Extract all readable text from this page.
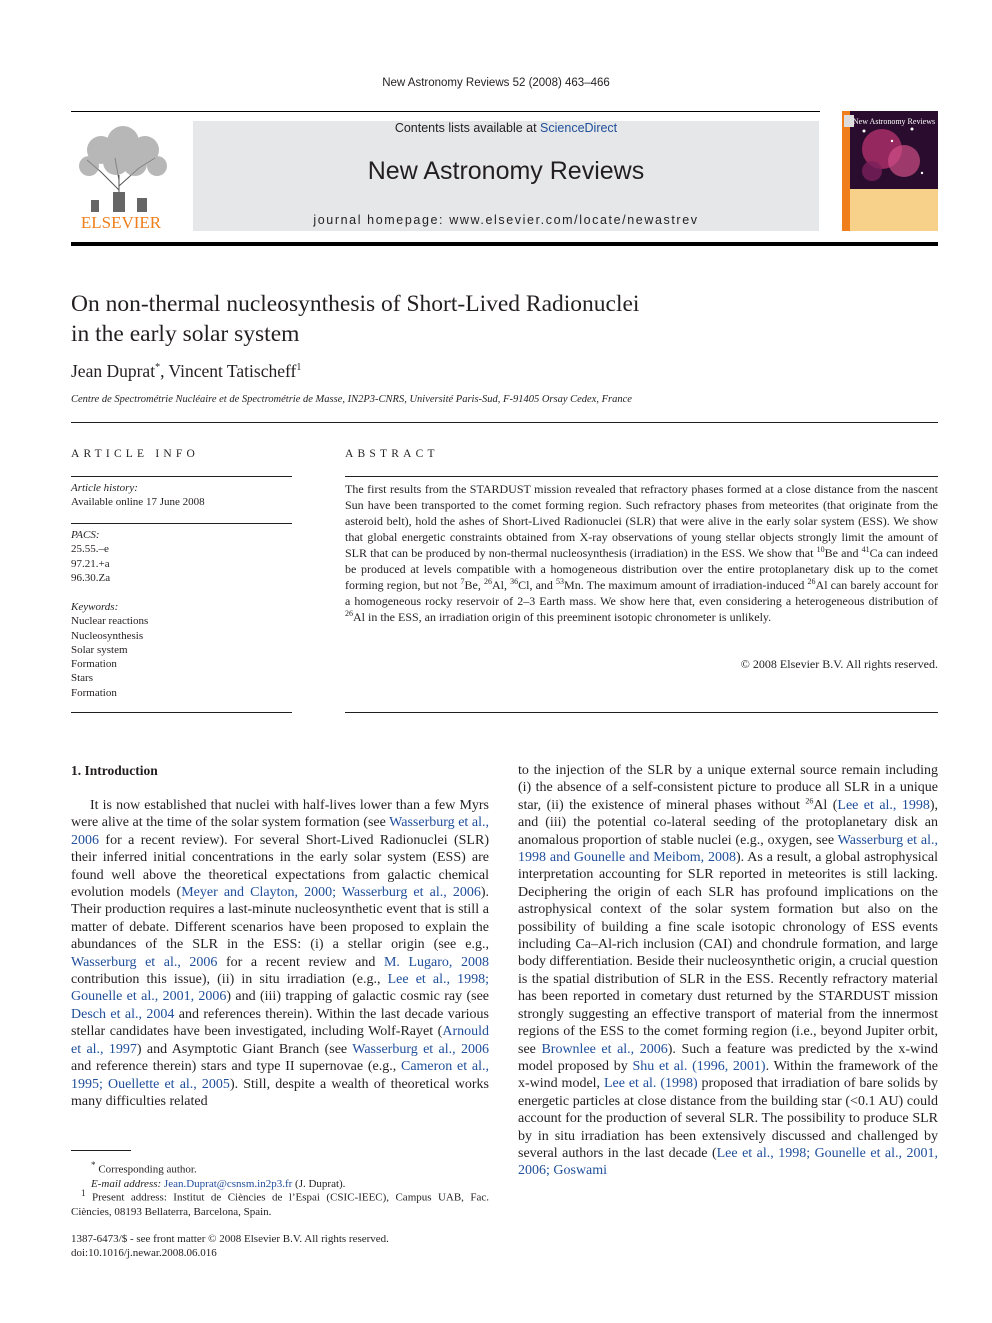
New Astronomy Reviews 52 (2008) 463–466
ELSEVIER
Contents lists available at ScienceDirect
New Astronomy Reviews
journal homepage: www.elsevier.com/locate/newastrev
New Astronomy Reviews
On non-thermal nucleosynthesis of Short-Lived Radionuclei
in the early solar system
Jean Duprat*, Vincent Tatischeff$^1$
Centre de Spectrométrie Nucléaire et de Spectrométrie de Masse, IN2P3-CNRS, Université Paris-Sud, F-91405 Orsay Cedex, France
ARTICLE INFO
Article history:
Available online 17 June 2008
PACS:
25.55.–e
97.21.+a
96.30.Za
Keywords:
Nuclear reactions
Nucleosynthesis
Solar system
Formation
Stars
Formation
ABSTRACT
The first results from the STARDUST mission revealed that refractory phases formed at a close distance from the nascent Sun have been transported to the comet forming region. Such refractory phases from meteorites (that originate from the asteroid belt), hold the ashes of Short-Lived Radionuclei (SLR) that were alive in the early solar system (ESS). We show that global energetic constraints obtained from X-ray observations of young stellar objects strongly limit the amount of SLR that can be produced by non-thermal nucleosynthesis (irradiation) in the ESS. We show that $^{10}$Be and $^{41}$Ca can indeed be produced at levels compatible with a homogeneous distribution over the entire protoplanetary disk up to the comet forming region, but not $^7$Be, $^{26}$Al, $^{36}$Cl, and $^{53}$Mn. The maximum amount of irradiation-induced $^{26}$Al can barely account for a homogeneous rocky reservoir of 2–3 Earth mass. We show here that, even considering a heterogeneous distribution of $^{26}$Al in the ESS, an irradiation origin of this preeminent isotopic chronometer is unlikely.
© 2008 Elsevier B.V. All rights reserved.
1. Introduction
It is now established that nuclei with half-lives lower than a few Myrs were alive at the time of the solar system formation (see Wasserburg et al., 2006 for a recent review). For several Short-Lived Radionuclei (SLR) their inferred initial concentrations in the early solar system (ESS) are found well above the theoretical expectations from galactic chemical evolution models (Meyer and Clayton, 2000; Wasserburg et al., 2006). Their production requires a last-minute nucleosynthetic event that is still a matter of debate. Different scenarios have been proposed to explain the abundances of the SLR in the ESS: (i) a stellar origin (see e.g., Wasserburg et al., 2006 for a recent review and M. Lugaro, 2008 contribution this issue), (ii) in situ irradiation (e.g., Lee et al., 1998; Gounelle et al., 2001, 2006) and (iii) trapping of galactic cosmic ray (see Desch et al., 2004 and references therein). Within the last decade various stellar candidates have been investigated, including Wolf-Rayet (Arnould et al., 1997) and Asymptotic Giant Branch (see Wasserburg et al., 2006 and reference therein) stars and type II supernovae (e.g., Cameron et al., 1995; Ouellette et al., 2005). Still, despite a wealth of theoretical works many difficulties related
to the injection of the SLR by a unique external source remain including (i) the absence of a self-consistent picture to produce all SLR in a unique star, (ii) the existence of mineral phases without $^{26}$Al (Lee et al., 1998), and (iii) the potential co-lateral seeding of the protoplanetary disk an anomalous proportion of stable nuclei (e.g., oxygen, see Wasserburg et al., 1998 and Gounelle and Meibom, 2008). As a result, a global astrophysical interpretation accounting for SLR reported in meteorites is still lacking. Deciphering the origin of each SLR has profound implications on the astrophysical context of the solar system formation but also on the possibility of building a fine scale isotopic chronology of ESS events including Ca–Al-rich inclusion (CAI) and chondrule formation, and large body differentiation. Beside their nucleosynthetic origin, a crucial question is the spatial distribution of SLR in the ESS. Recently refractory material has been reported in cometary dust returned by the STARDUST mission strongly suggesting an effective transport of material from the innermost regions of the ESS to the comet forming region (i.e., beyond Jupiter orbit, see Brownlee et al., 2006). Such a feature was predicted by the x-wind model proposed by Shu et al. (1996, 2001). Within the framework of the x-wind model, Lee et al. (1998) proposed that irradiation of bare solids by energetic particles at close distance from the building star (<0.1 AU) could account for the production of several SLR. The possibility to produce SLR by in situ irradiation has been extensively discussed and challenged by several authors in the last decade (Lee et al., 1998; Gounelle et al., 2001, 2006; Goswami
* Corresponding author.
E-mail address: Jean.Duprat@csnsm.in2p3.fr (J. Duprat).
$^1$ Present address: Institut de Ciències de l’Espai (CSIC-IEEC), Campus UAB, Fac. Ciències, 08193 Bellaterra, Barcelona, Spain.
1387-6473/$ - see front matter © 2008 Elsevier B.V. All rights reserved.
doi:10.1016/j.newar.2008.06.016
